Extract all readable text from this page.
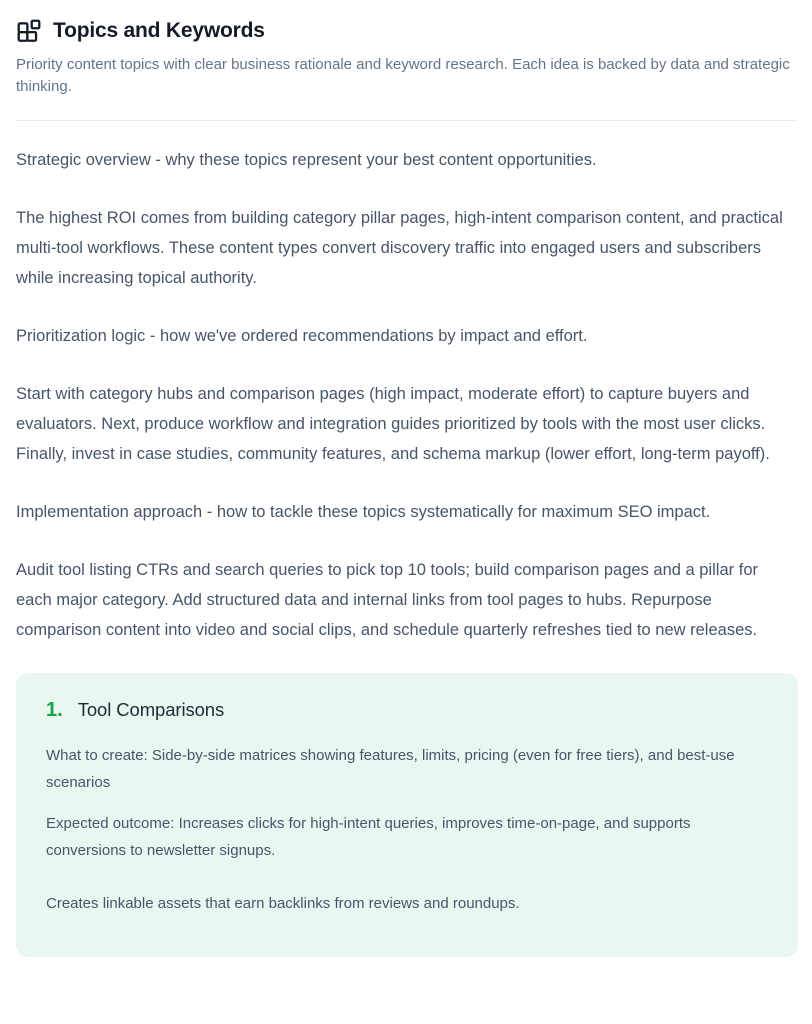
Topics and Keywords

Priority content topics with clear business rationale and keyword research. Each idea is backed by data and strategic thinking.

Strategic overview - why these topics represent your best content opportunities.

The highest ROI comes from building category pillar pages, high-intent comparison content, and practical multi-tool workflows. These content types convert discovery traffic into engaged users and subscribers while increasing topical authority.

Prioritization logic - how we've ordered recommendations by impact and effort.

Start with category hubs and comparison pages (high impact, moderate effort) to capture buyers and evaluators. Next, produce workflow and integration guides prioritized by tools with the most user clicks. Finally, invest in case studies, community features, and schema markup (lower effort, long-term payoff).

Implementation approach - how to tackle these topics systematically for maximum SEO impact.

Audit tool listing CTRs and search queries to pick top 10 tools; build comparison pages and a pillar for each major category. Add structured data and internal links from tool pages to hubs. Repurpose comparison content into video and social clips, and schedule quarterly refreshes tied to new releases.

1. Tool Comparisons

What to create: Side-by-side matrices showing features, limits, pricing (even for free tiers), and best-use scenarios

Expected outcome: Increases clicks for high-intent queries, improves time-on-page, and supports conversions to newsletter signups.

Creates linkable assets that earn backlinks from reviews and roundups.
